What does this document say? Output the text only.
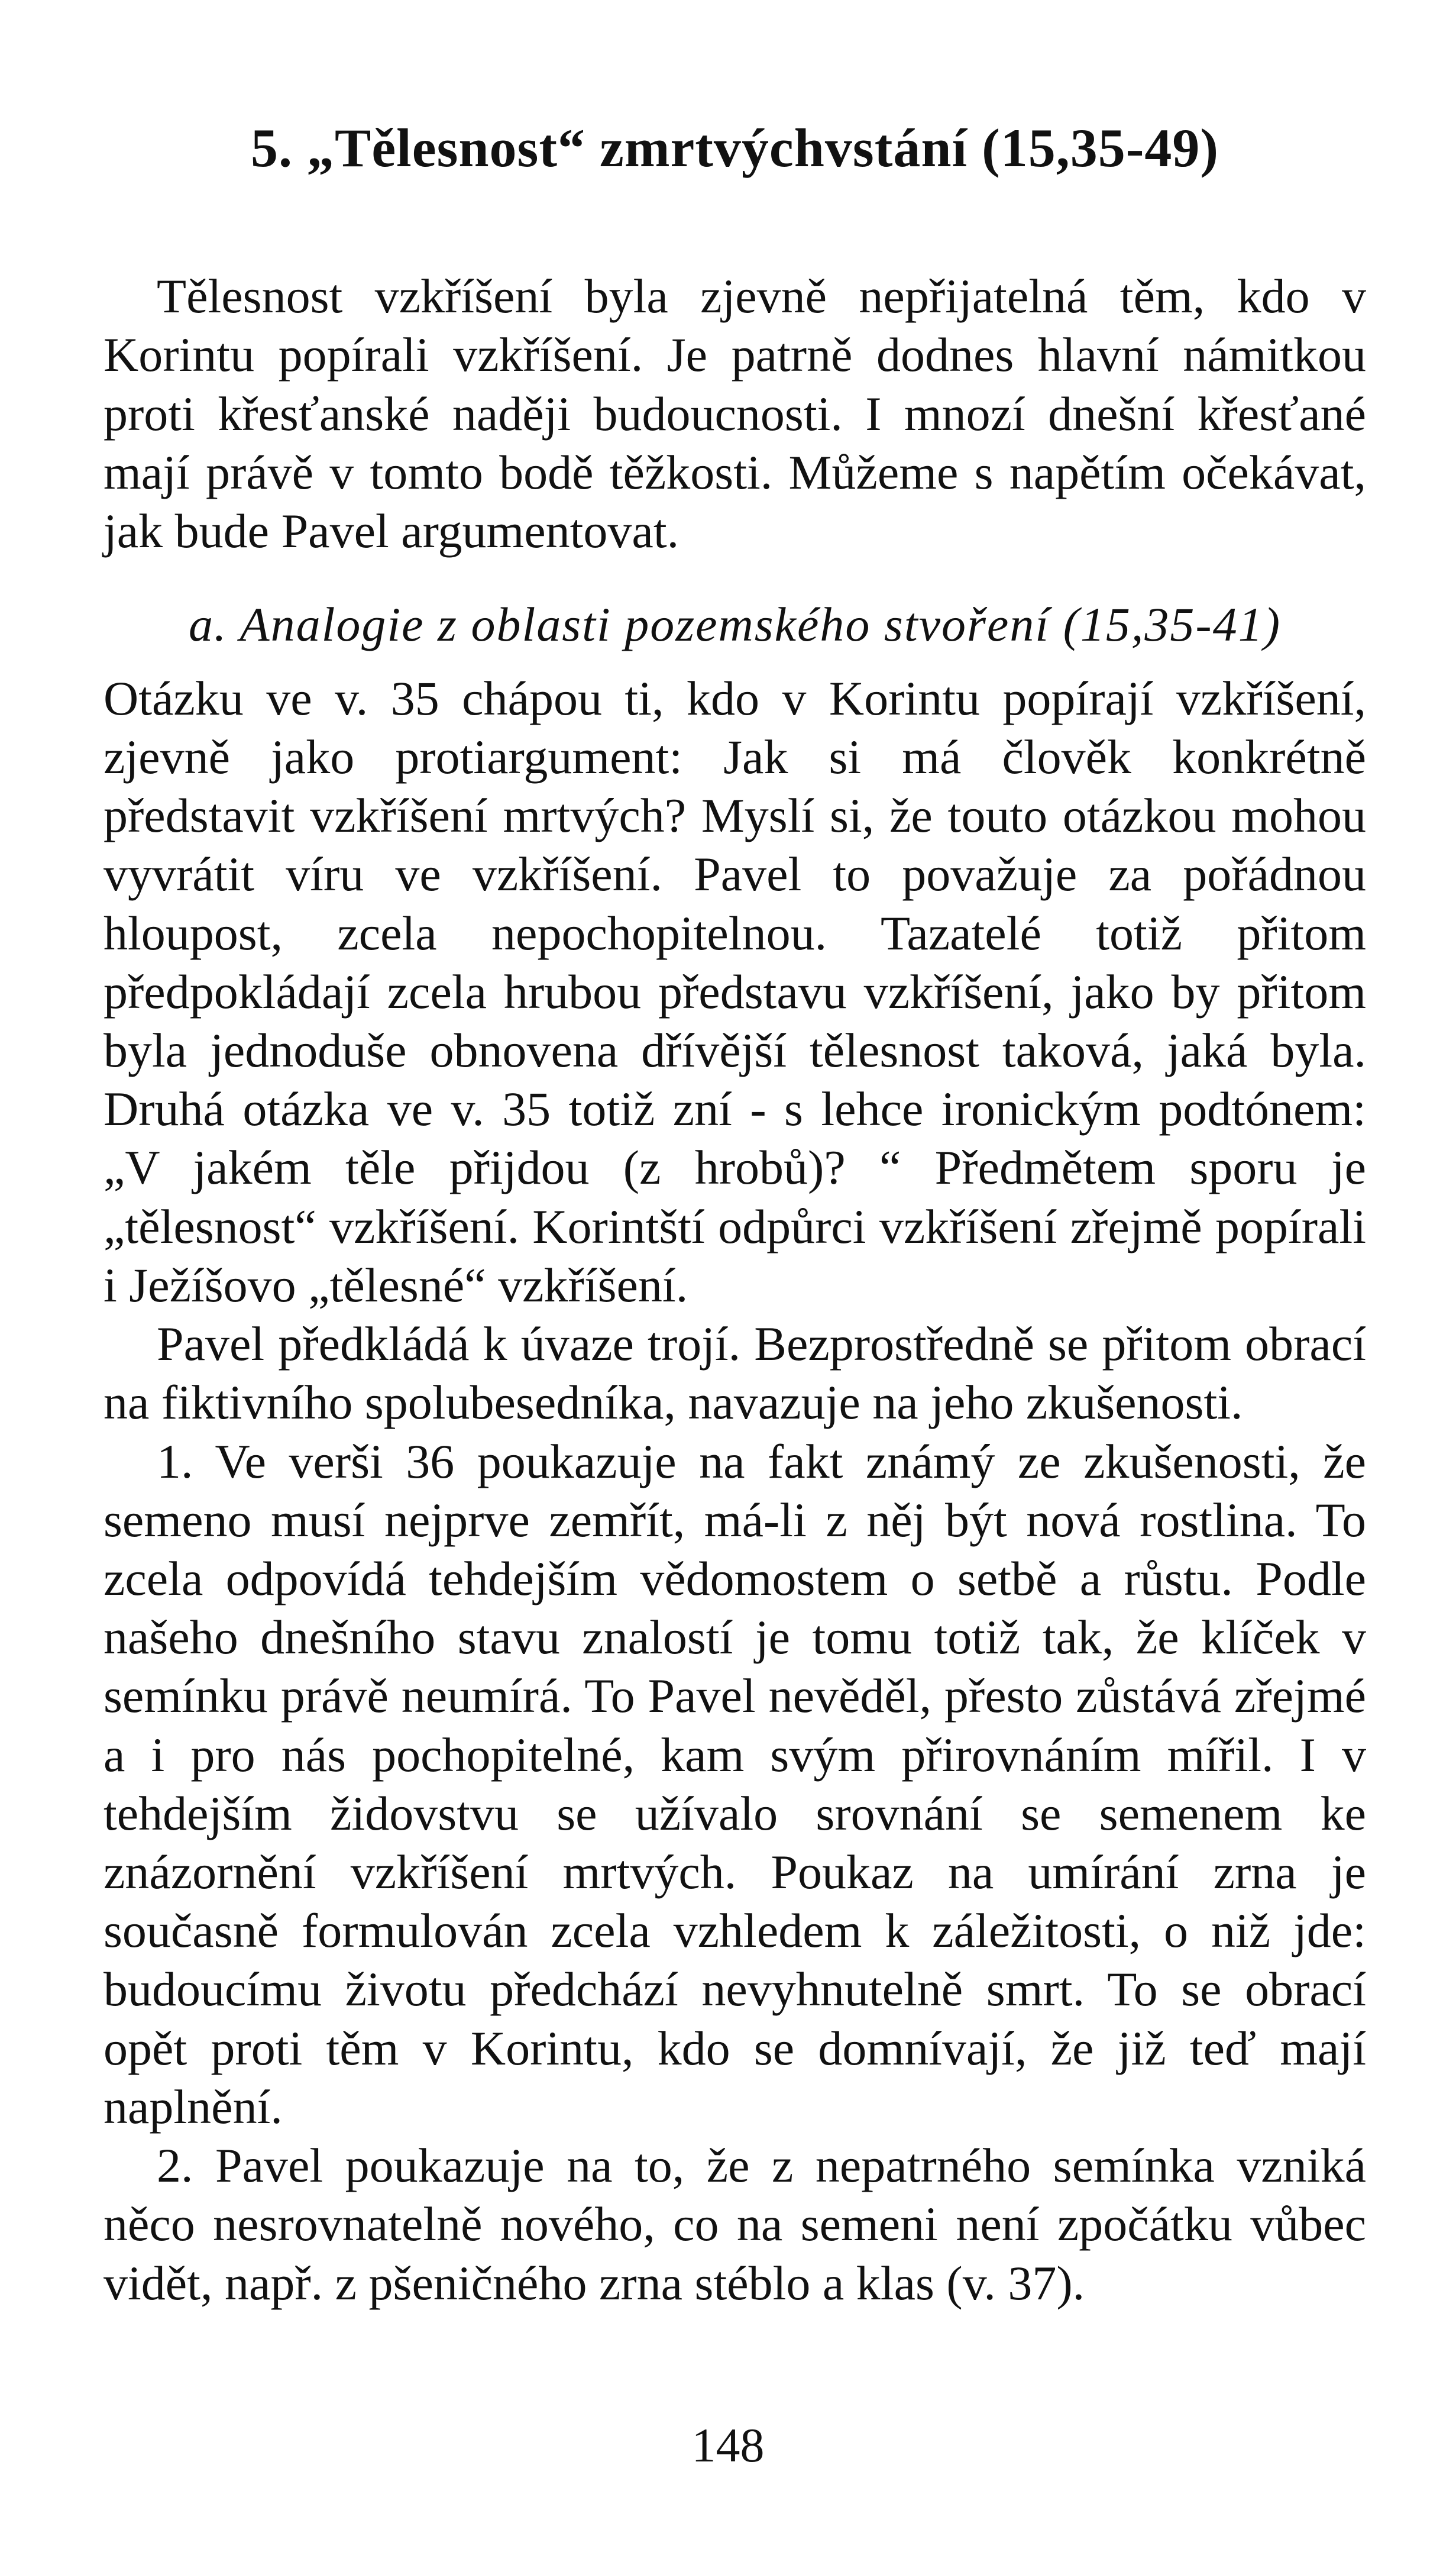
5. „Tělesnost“ zmrtvýchvstání (15,35-49)

Tělesnost vzkříšení byla zjevně nepřijatelná těm, kdo v Korintu popírali vzkříšení. Je patrně dodnes hlavní námitkou proti křesťanské naději budoucnosti. I mnozí dnešní křesťané mají právě v tomto bodě těžkosti. Můžeme s napětím očekávat, jak bude Pavel argumentovat.

a. Analogie z oblasti pozemského stvoření (15,35-41)

Otázku ve v. 35 chápou ti, kdo v Korintu popírají vzkříšení, zjevně jako protiargument: Jak si má člověk konkrétně představit vzkříšení mrtvých? Myslí si, že touto otázkou mohou vyvrátit víru ve vzkříšení. Pavel to považuje za pořádnou hloupost, zcela nepochopitelnou. Tazatelé totiž přitom předpokládají zcela hrubou představu vzkříšení, jako by přitom byla jednoduše obnovena dřívější tělesnost taková, jaká byla. Druhá otázka ve v. 35 totiž zní - s lehce ironickým podtónem: „V jakém těle přijdou (z hrobů)? “ Předmětem sporu je „tělesnost“ vzkříšení. Korintští odpůrci vzkříšení zřejmě popírali i Ježíšovo „tělesné“ vzkříšení.

Pavel předkládá k úvaze trojí. Bezprostředně se přitom obrací na fiktivního spolubesedníka, navazuje na jeho zkušenosti.

1. Ve verši 36 poukazuje na fakt známý ze zkušenosti, že semeno musí nejprve zemřít, má-li z něj být nová rostlina. To zcela odpovídá tehdejším vědomostem o setbě a růstu. Podle našeho dnešního stavu znalostí je tomu totiž tak, že klíček v semínku právě neumírá. To Pavel nevěděl, přesto zůstává zřejmé a i pro nás pochopitelné, kam svým přirovnáním mířil. I v tehdejším židovstvu se užívalo srovnání se semenem ke znázornění vzkříšení mrtvých. Poukaz na umírání zrna je současně formulován zcela vzhledem k záležitosti, o niž jde: budoucímu životu předchází nevyhnutelně smrt. To se obrací opět proti těm v Korintu, kdo se domnívají, že již teď mají naplnění.

2. Pavel poukazuje na to, že z nepatrného semínka vzniká něco nesrovnatelně nového, co na semeni není zpočátku vůbec vidět, např. z pšeničného zrna stéblo a klas (v. 37).

148
